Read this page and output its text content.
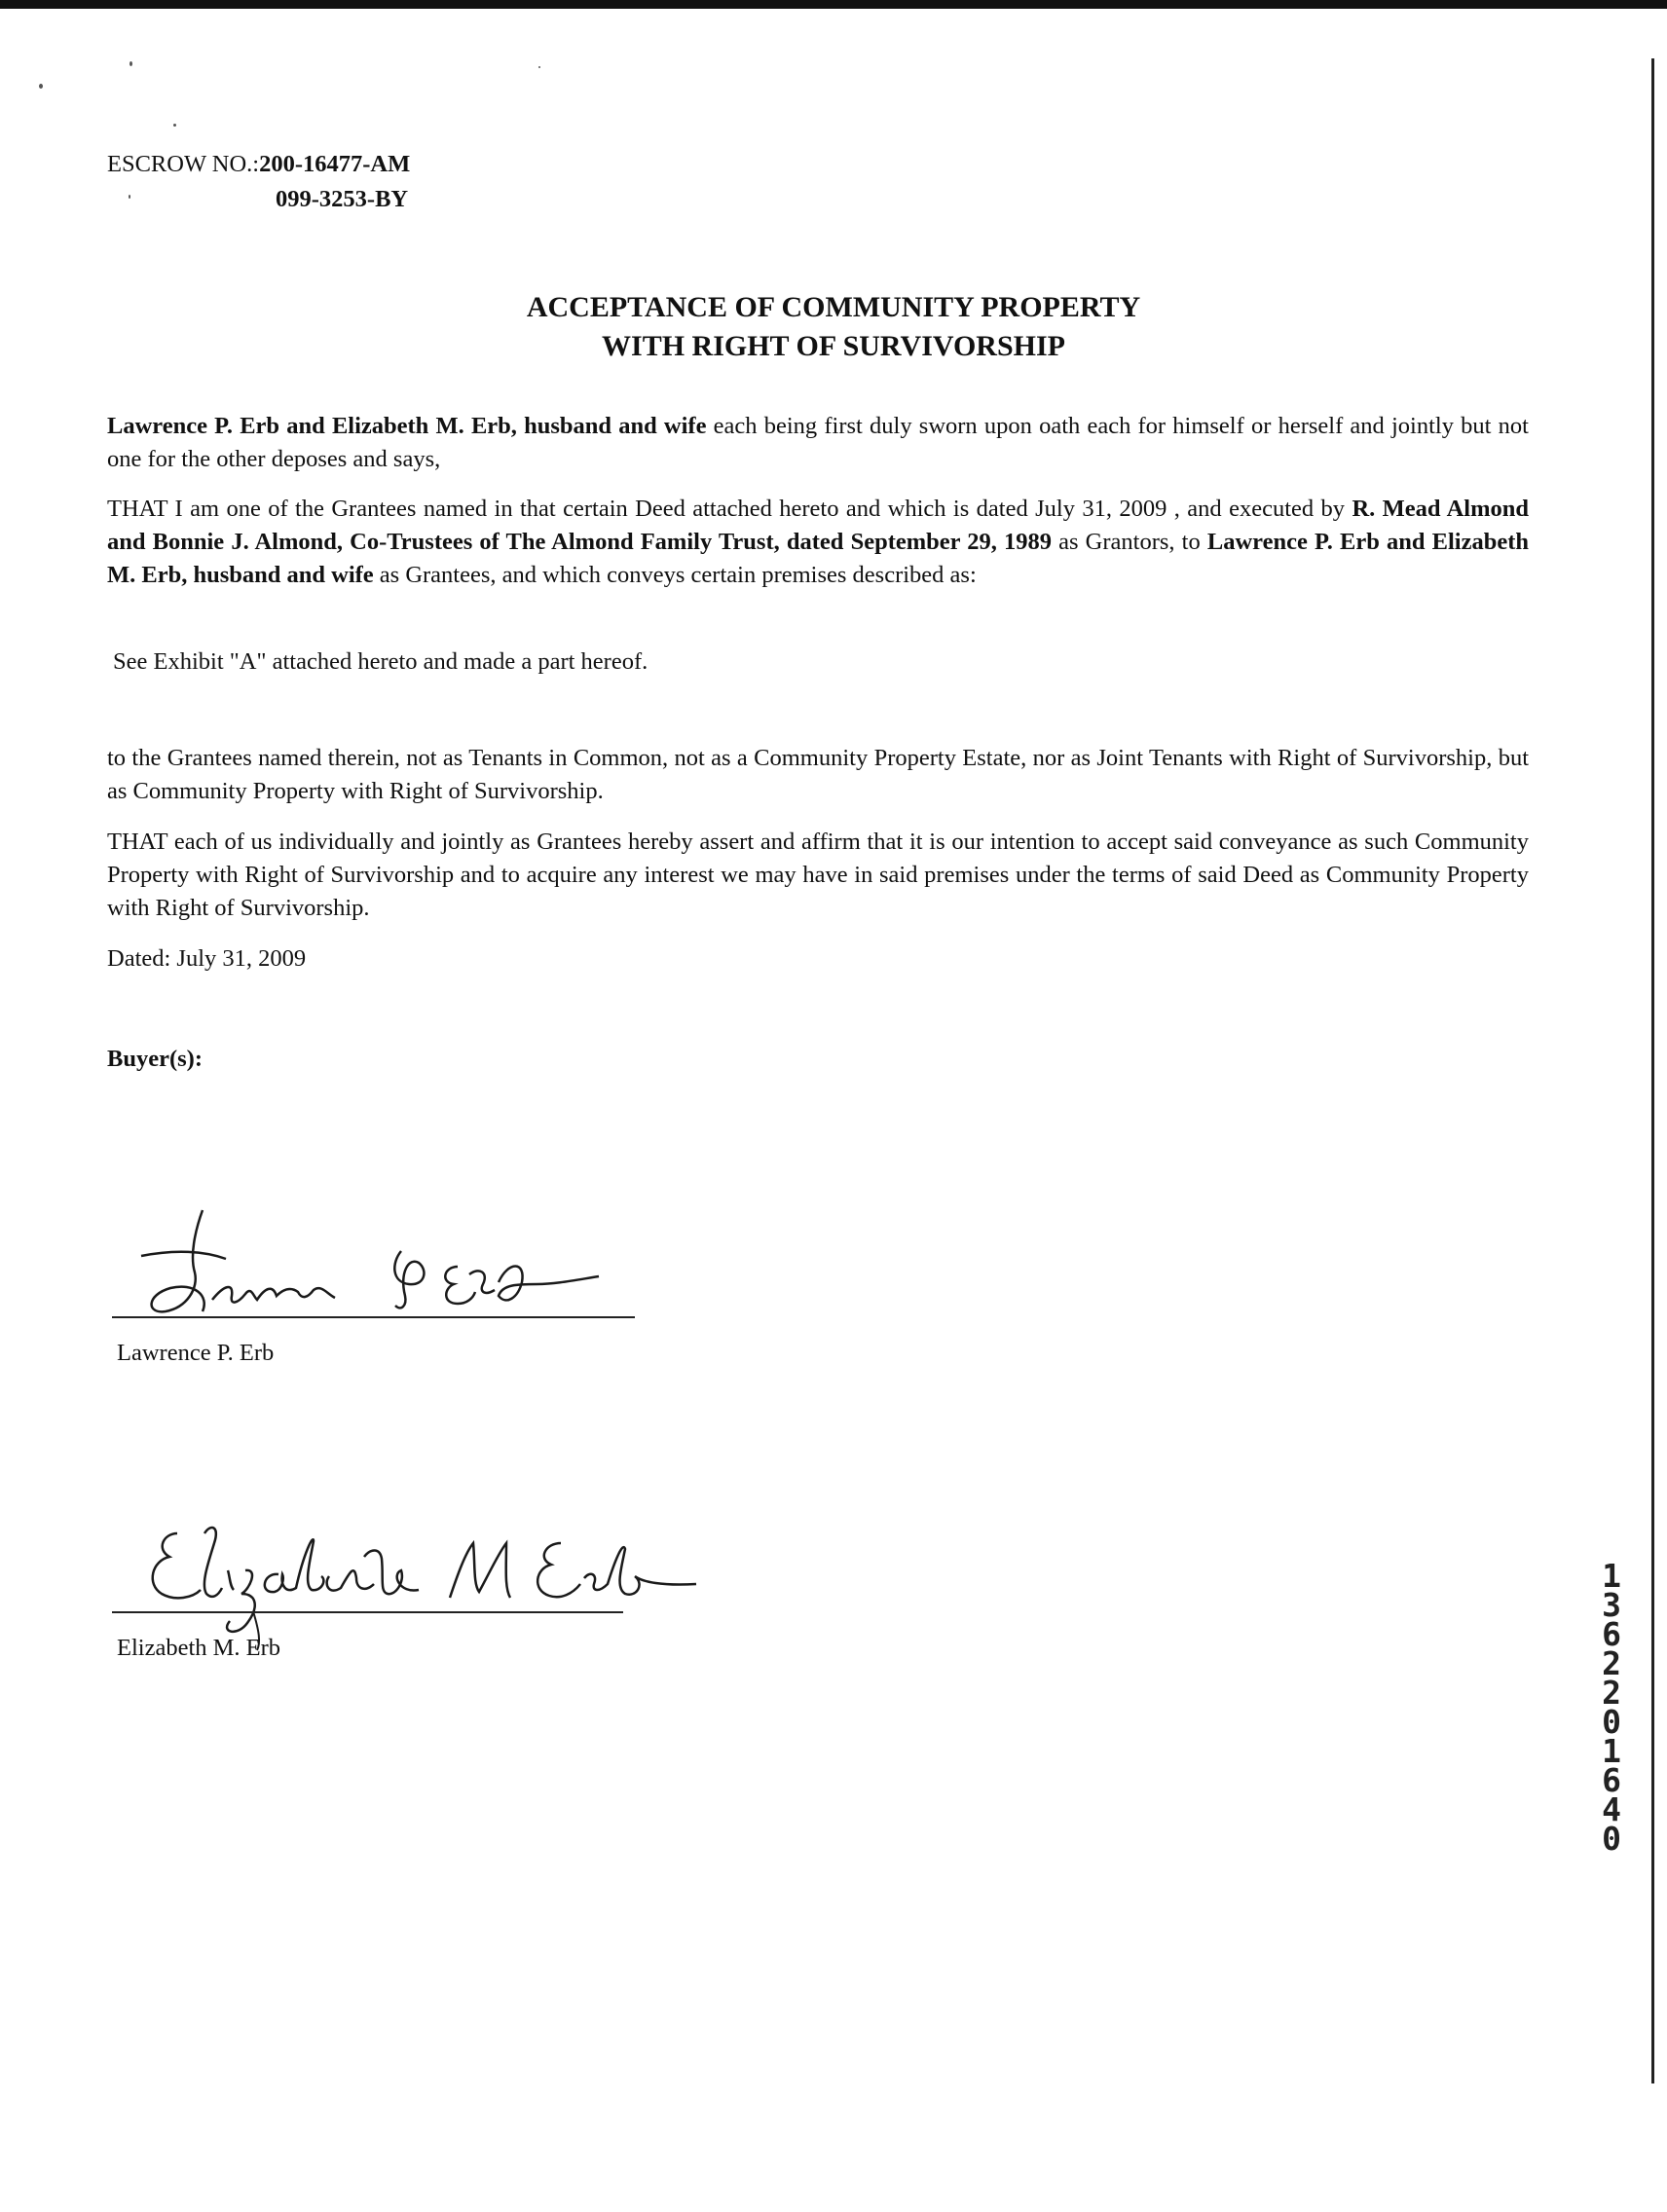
ESCROW NO.:200-16477-AM
099-3253-BY
ACCEPTANCE OF COMMUNITY PROPERTY
WITH RIGHT OF SURVIVORSHIP
Lawrence P. Erb and Elizabeth M. Erb, husband and wife each being first duly sworn upon oath each for himself or herself and jointly but not one for the other deposes and says,
THAT I am one of the Grantees named in that certain Deed attached hereto and which is dated July 31, 2009 , and executed by R. Mead Almond and Bonnie J. Almond, Co-Trustees of The Almond Family Trust, dated September 29, 1989 as Grantors, to Lawrence P. Erb and Elizabeth M. Erb, husband and wife as Grantees, and which conveys certain premises described as:
See Exhibit "A" attached hereto and made a part hereof.
to the Grantees named therein, not as Tenants in Common, not as a Community Property Estate, nor as Joint Tenants with Right of Survivorship, but as Community Property with Right of Survivorship.
THAT each of us individually and jointly as Grantees hereby assert and affirm that it is our intention to accept said conveyance as such Community Property with Right of Survivorship and to acquire any interest we may have in said premises under the terms of said Deed as Community Property with Right of Survivorship.
Dated: July 31, 2009
Buyer(s):
Lawrence P. Erb
Elizabeth M. Erb
1
3
6
2
2
0
1
6
4
0
